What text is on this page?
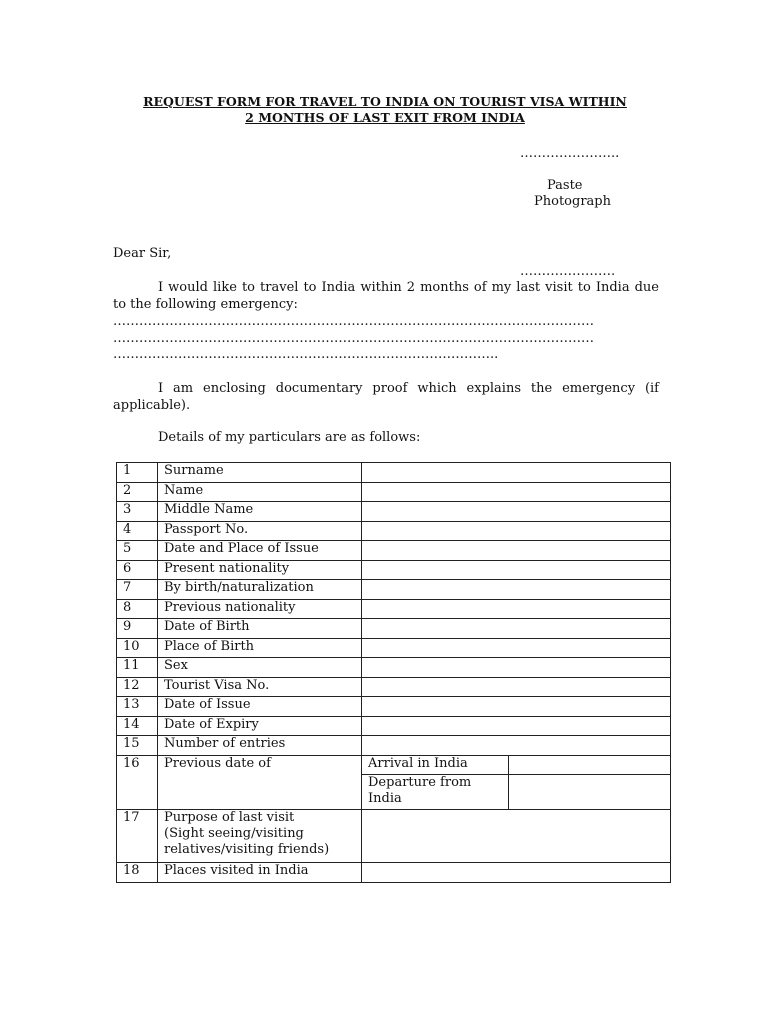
REQUEST FORM FOR TRAVEL TO INDIA ON TOURIST VISA WITHIN
2 MONTHS OF LAST EXIT FROM INDIA
…………………..
Paste
Photograph
Dear Sir,
………………….
I would like to travel to India within 2 months of my last visit to India due to the following emergency:
…………………………………………………………………………………………………
…………………………………………………………………………………………………
……………………………………………………………………………..
I am enclosing documentary proof which explains the emergency (if applicable).
Details of my particulars are as follows:
1	Surname		
2	Name		
3	Middle Name		
4	Passport No.		
5	Date and Place of Issue		
6	Present nationality		
7	By birth/naturalization		
8	Previous nationality		
9	Date of Birth		
10	Place of Birth		
11	Sex		
12	Tourist Visa No.		
13	Date of Issue		
14	Date of Expiry		
15	Number of entries		
16	Previous date of	Arrival in India	

		Departure from
India	

17	Purpose of last visit
(Sight seeing/visiting
relatives/visiting friends)		

18	Places visited in India		
